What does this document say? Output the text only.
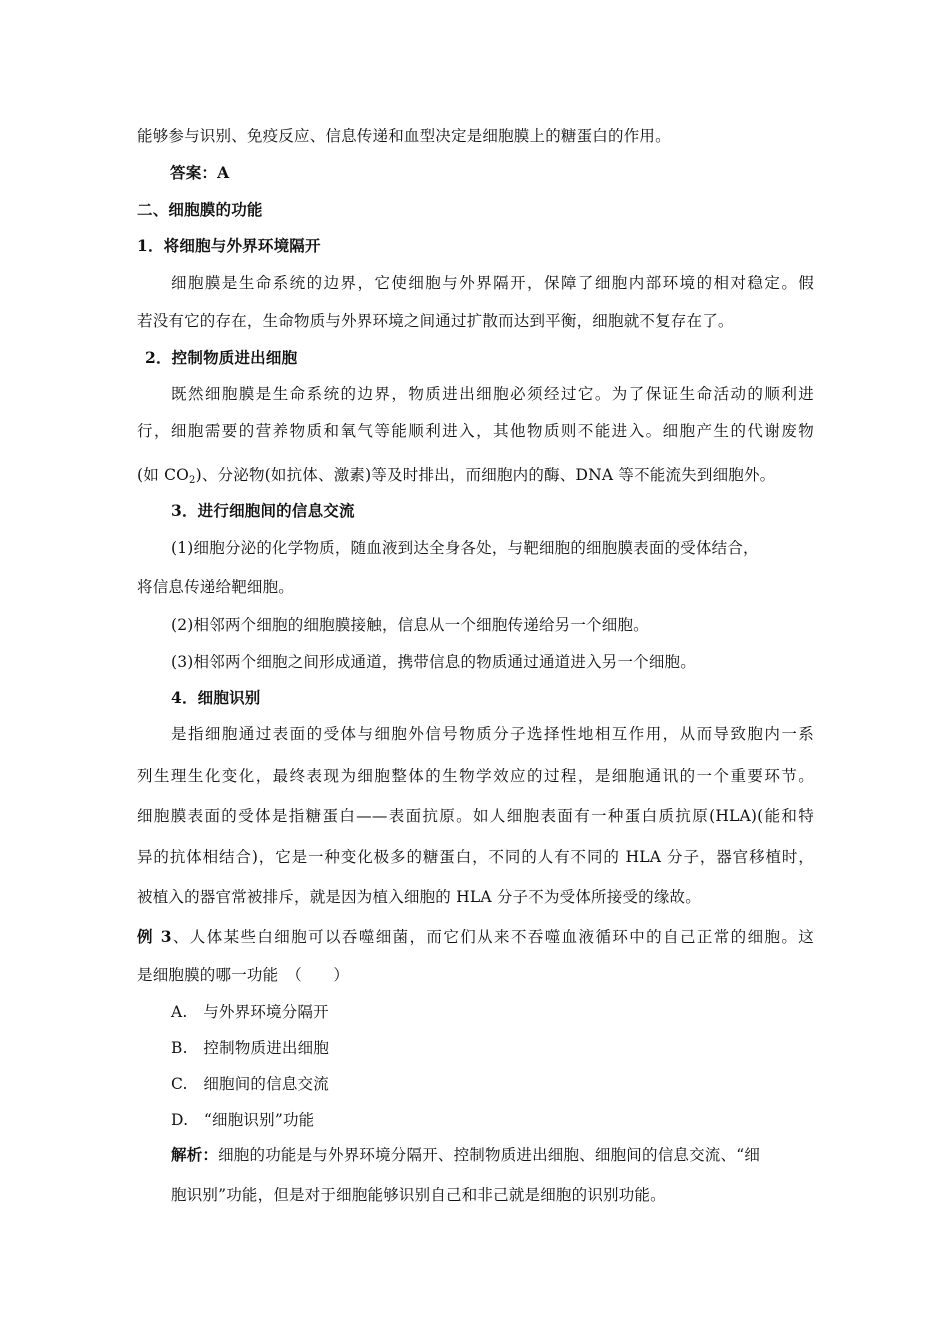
能够参与识别、免疫反应、信息传递和血型决定是细胞膜上的糖蛋白的作用。
答案：A
二、细胞膜的功能
1．将细胞与外界环境隔开
细胞膜是生命系统的边界，它使细胞与外界隔开，保障了细胞内部环境的相对稳定。假
若没有它的存在，生命物质与外界环境之间通过扩散而达到平衡，细胞就不复存在了。
2．控制物质进出细胞
既然细胞膜是生命系统的边界，物质进出细胞必须经过它。为了保证生命活动的顺利进
行，细胞需要的营养物质和氧气等能顺利进入，其他物质则不能进入。细胞产生的代谢废物
(如 $CO_2$)、分泌物(如抗体、激素)等及时排出，而细胞内的酶、DNA 等不能流失到细胞外。
3．进行细胞间的信息交流
(1)细胞分泌的化学物质，随血液到达全身各处，与靶细胞的细胞膜表面的受体结合，
将信息传递给靶细胞。
(2)相邻两个细胞的细胞膜接触，信息从一个细胞传递给另一个细胞。
(3)相邻两个细胞之间形成通道，携带信息的物质通过通道进入另一个细胞。
4．细胞识别
是指细胞通过表面的受体与细胞外信号物质分子选择性地相互作用，从而导致胞内一系
列生理生化变化，最终表现为细胞整体的生物学效应的过程，是细胞通讯的一个重要环节。
细胞膜表面的受体是指糖蛋白——表面抗原。如人细胞表面有一种蛋白质抗原(HLA)(能和特
异的抗体相结合)，它是一种变化极多的糖蛋白，不同的人有不同的 HLA 分子，器官移植时，
被植入的器官常被排斥，就是因为植入细胞的 HLA 分子不为受体所接受的缘故。
例 3、人体某些白细胞可以吞噬细菌，而它们从来不吞噬血液循环中的自己正常的细胞。这
是细胞膜的哪一功能　（　　）
A.　与外界环境分隔开
B.　控制物质进出细胞
C.　细胞间的信息交流
D.　“细胞识别”功能
解析：细胞的功能是与外界环境分隔开、控制物质进出细胞、细胞间的信息交流、“细
胞识别”功能，但是对于细胞能够识别自己和非己就是细胞的识别功能。
